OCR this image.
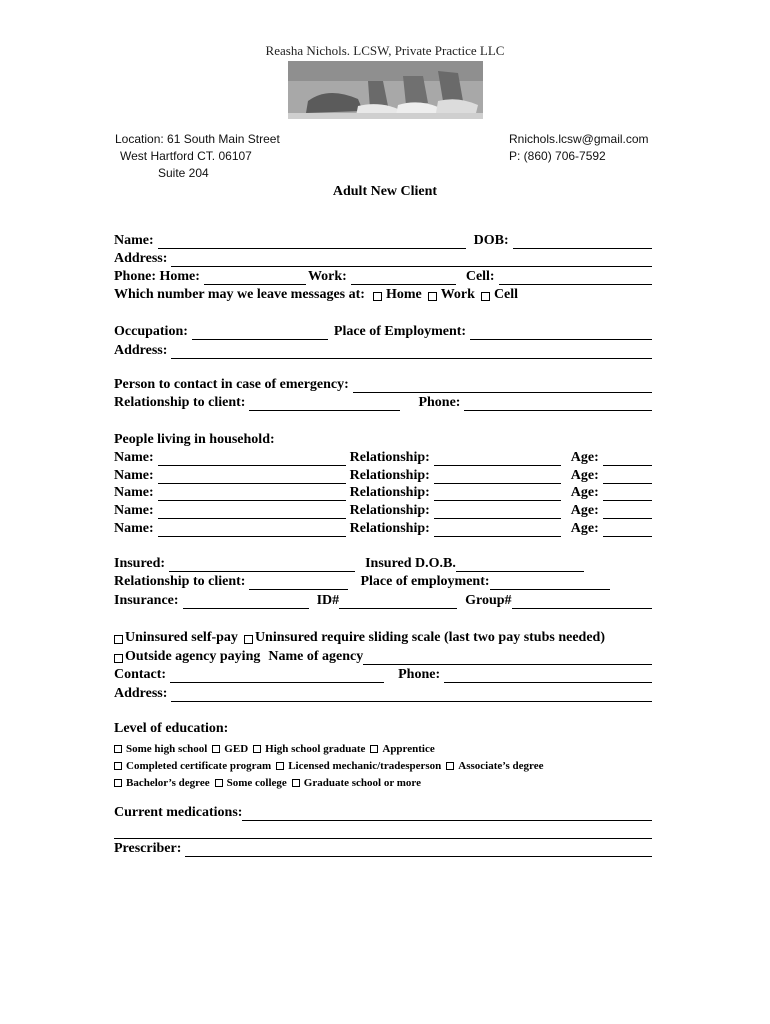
Reasha Nichols. LCSW, Private Practice LLC
Location: 61 South Main Street
West Hartford CT. 06107
Suite 204
Rnichols.lcsw@gmail.com
P: (860) 706-7592
Adult New Client
Name:	DOB:
Address:
Phone: Home:	Work:	Cell:
Which number may we leave messages at: Home Work Cell
Occupation:	Place of Employment:
Address:
Person to contact in case of emergency:
Relationship to client:	Phone:
People living in household:
Name:	Relationship:	Age:
Name:	Relationship:	Age:
Name:	Relationship:	Age:
Name:	Relationship:	Age:
Name:	Relationship:	Age:
Insured:	Insured D.O.B.
Relationship to client:	Place of employment:
Insurance:	ID#	Group#
Uninsured self-pay Uninsured require sliding scale (last two pay stubs needed)
Outside agency paying Name of agency
Contact:	Phone:
Address:
Level of education:
Some high school GED High school graduate Apprentice
Completed certificate program Licensed mechanic/tradesperson Associate’s degree
Bachelor’s degree Some college Graduate school or more
Current medications:
Prescriber:
